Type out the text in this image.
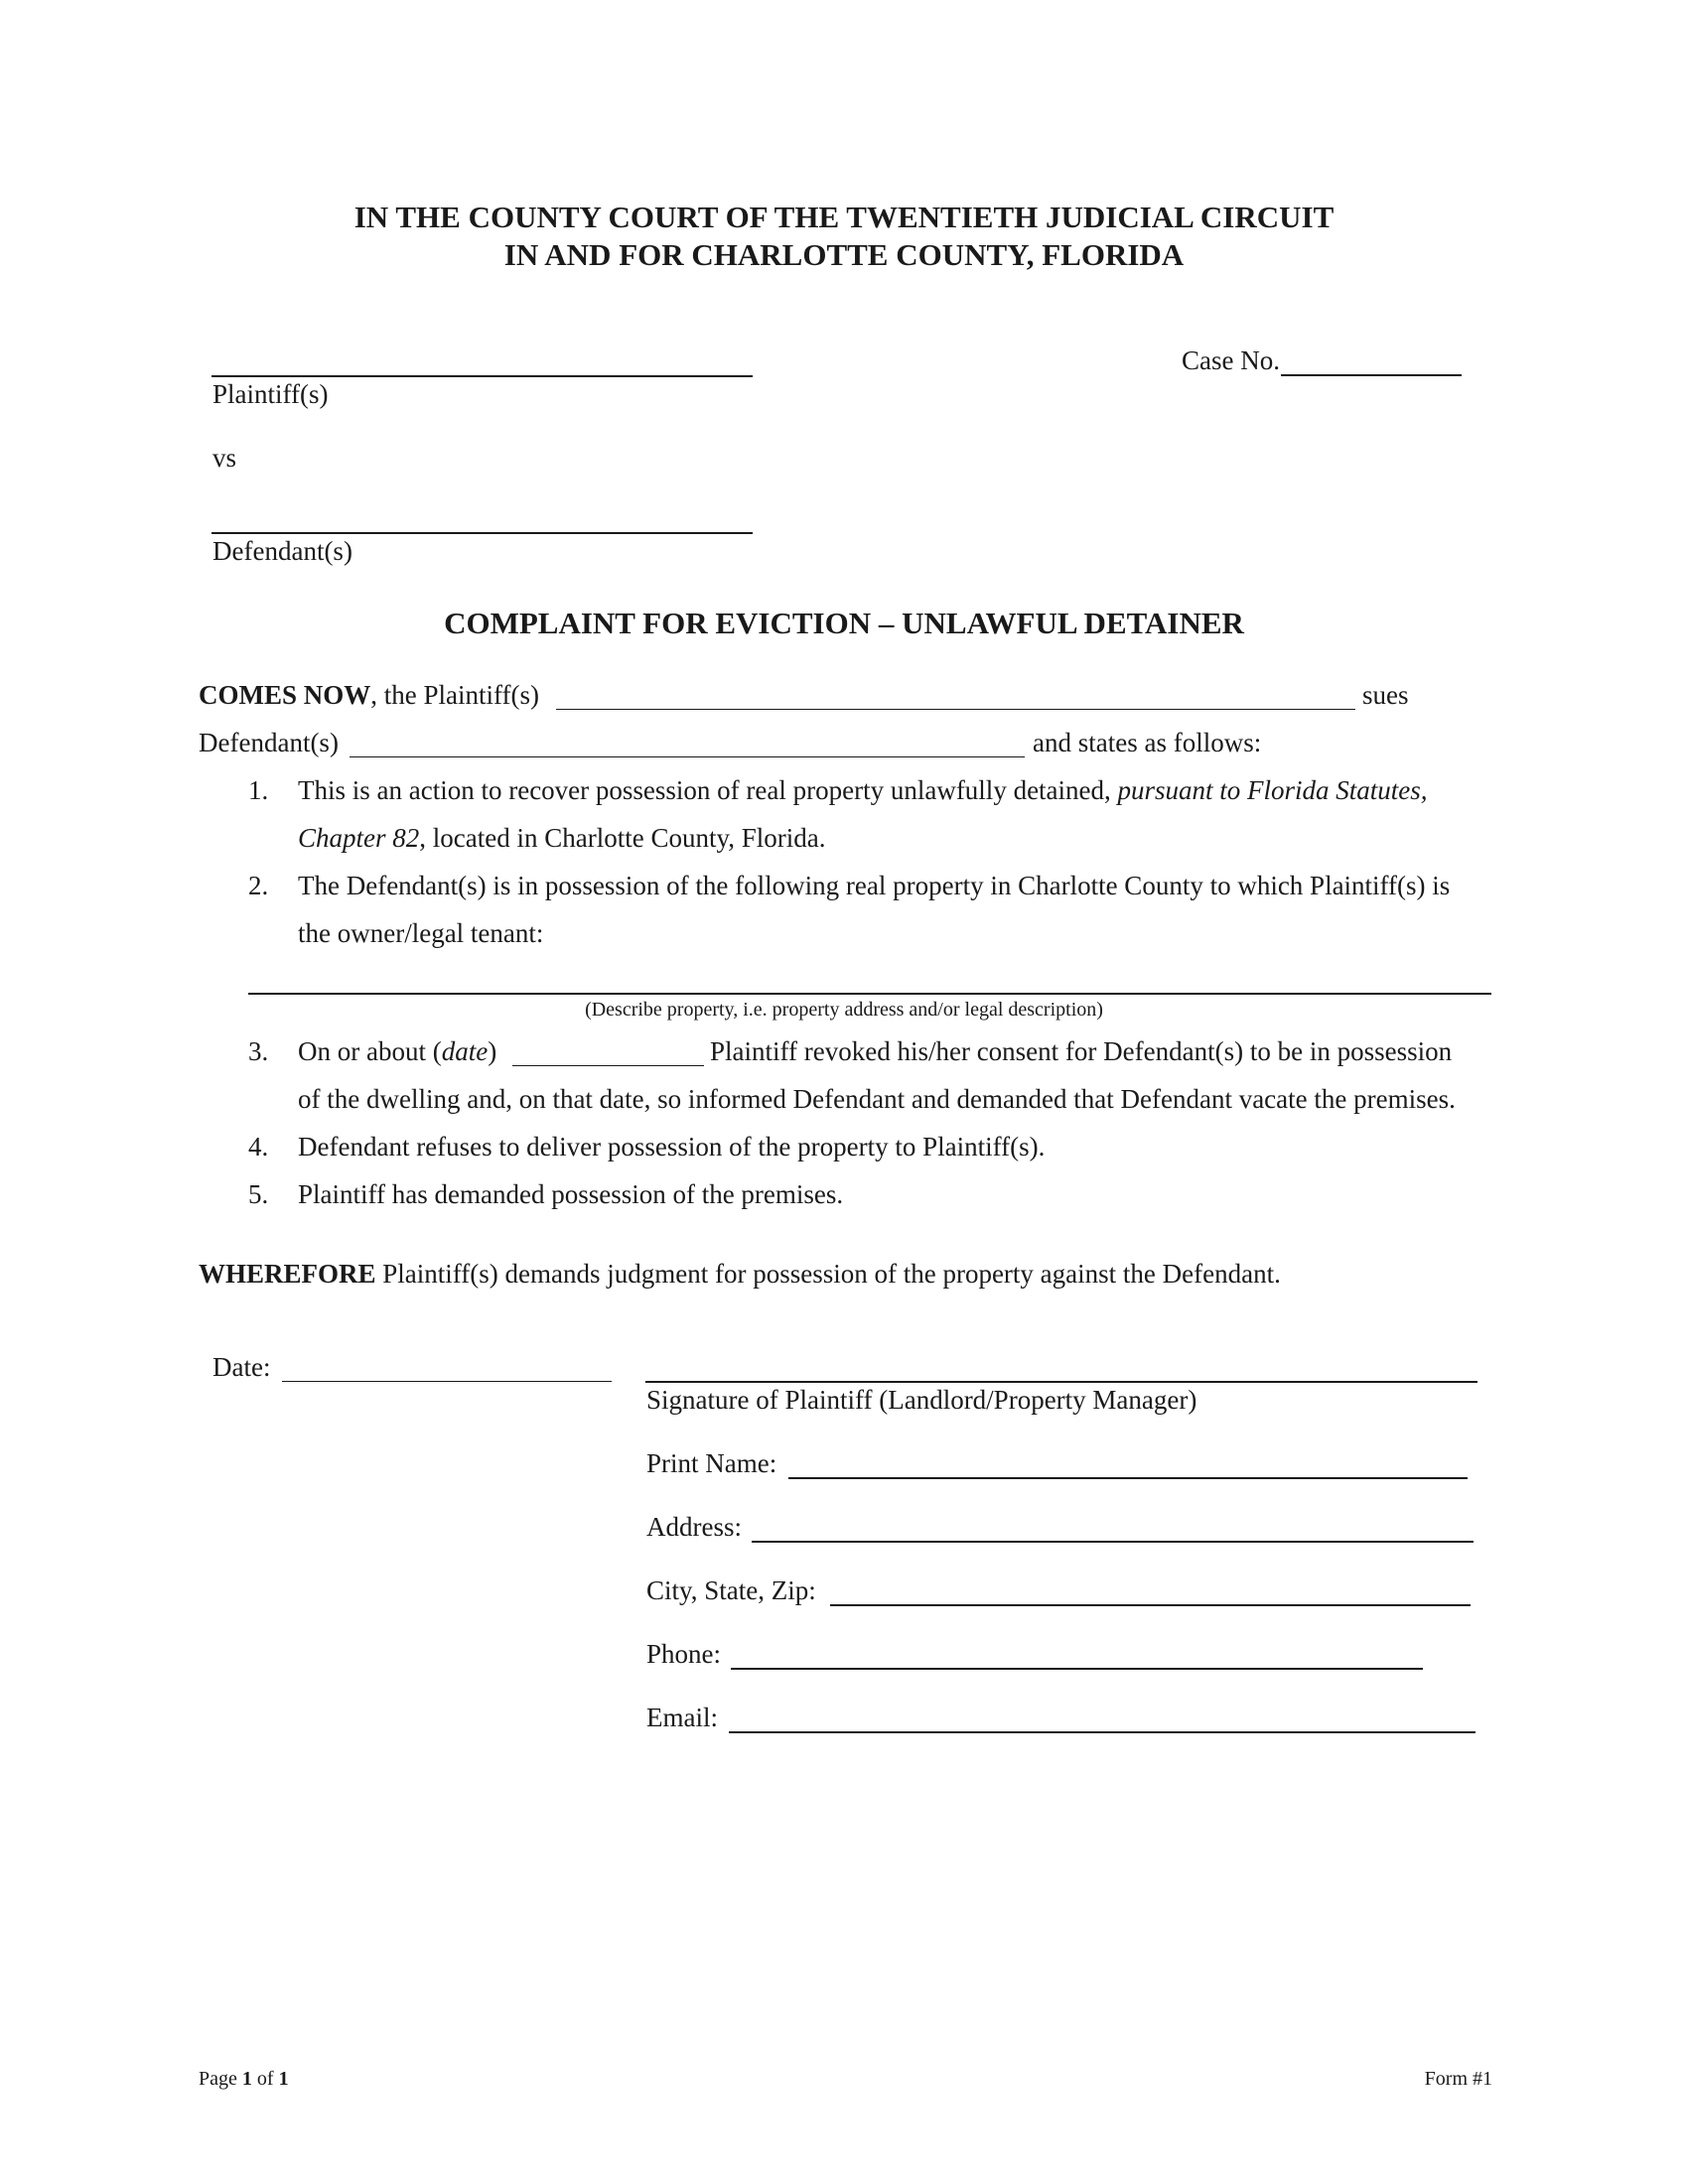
IN THE COUNTY COURT OF THE TWENTIETH JUDICIAL CIRCUIT
IN AND FOR CHARLOTTE COUNTY, FLORIDA
Plaintiff(s)
vs
Defendant(s)
Case No.
COMPLAINT FOR EVICTION – UNLAWFUL DETAINER
COMES NOW, the Plaintiff(s)	sues
Defendant(s)	and states as follows:
1. This is an action to recover possession of real property unlawfully detained, pursuant to Florida Statutes,
Chapter 82, located in Charlotte County, Florida.
2. The Defendant(s) is in possession of the following real property in Charlotte County to which Plaintiff(s) is
the owner/legal tenant:
(Describe property, i.e. property address and/or legal description)
3. On or about (date)	Plaintiff revoked his/her consent for Defendant(s) to be in possession
of the dwelling and, on that date, so informed Defendant and demanded that Defendant vacate the premises.
4. Defendant refuses to deliver possession of the property to Plaintiff(s).
5. Plaintiff has demanded possession of the premises.
WHEREFORE Plaintiff(s) demands judgment for possession of the property against the Defendant.
Date:
Signature of Plaintiff (Landlord/Property Manager)
Print Name:
Address:
City, State, Zip:
Phone:
Email:
Page 1 of 1	Form #1
